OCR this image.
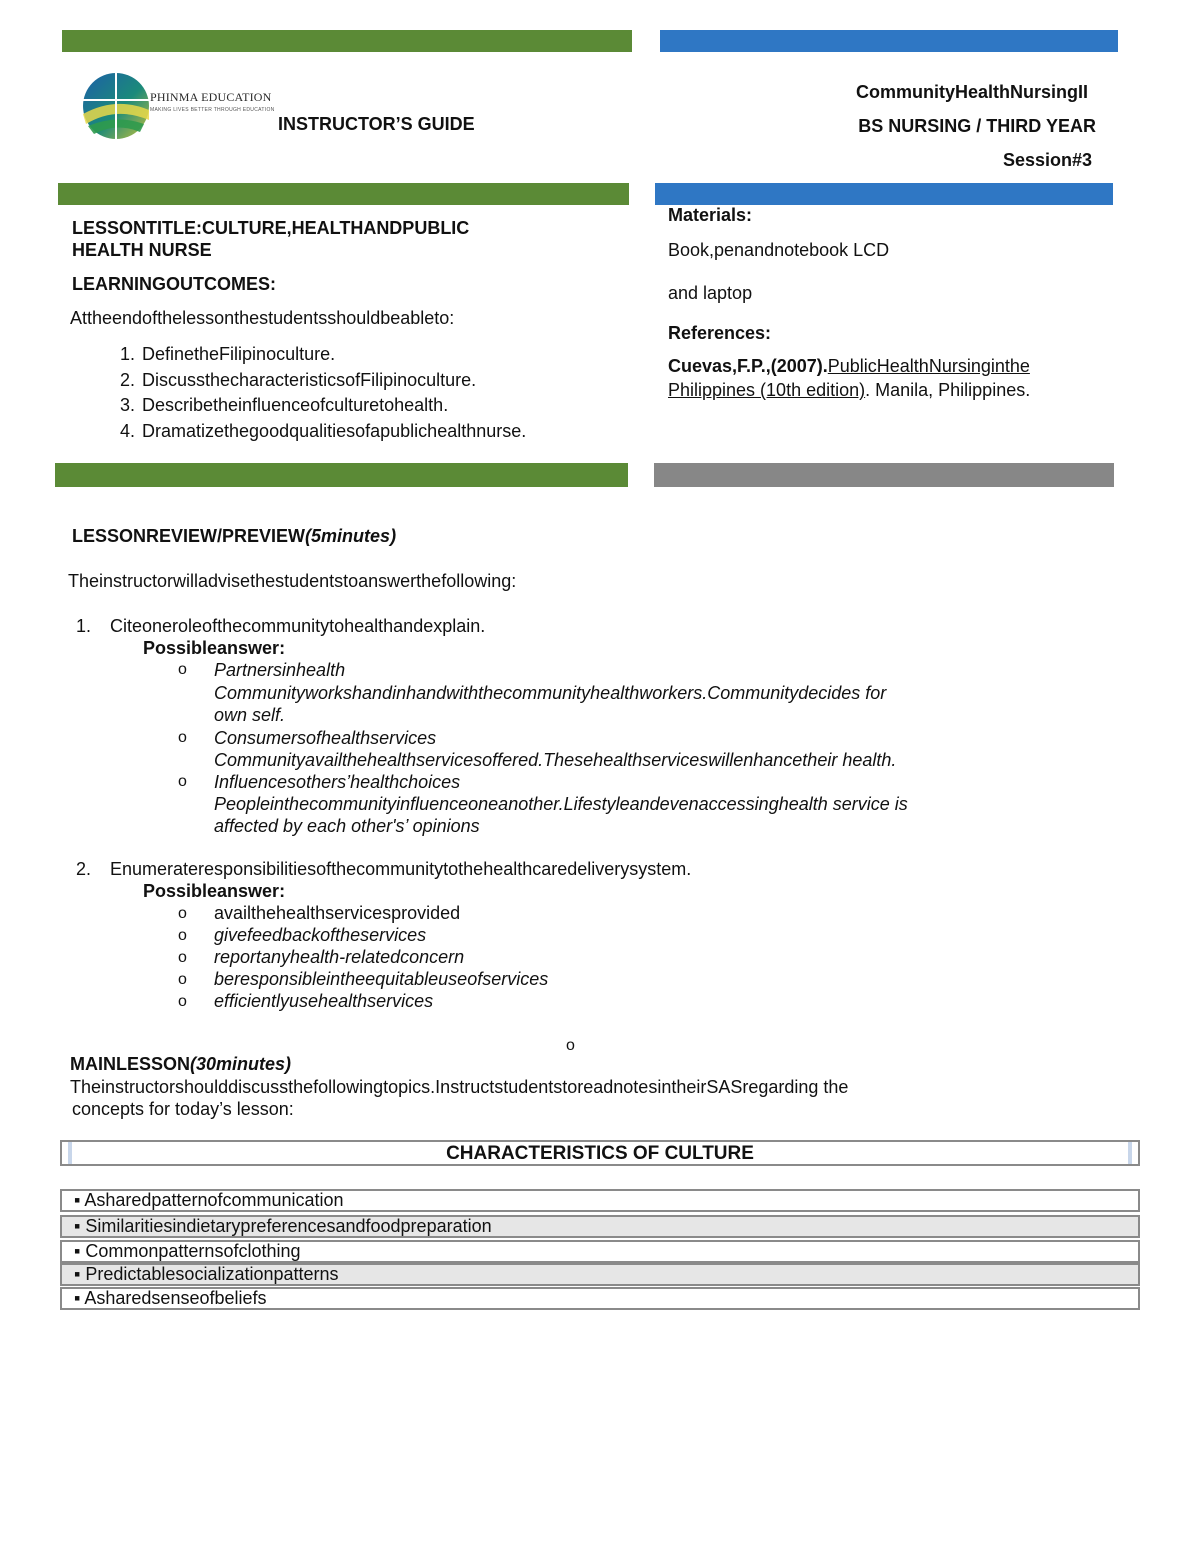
PHINMA EDUCATION
MAKING LIVES BETTER THROUGH EDUCATION
INSTRUCTOR’S GUIDE
CommunityHealthNursingII
BS NURSING / THIRD YEAR
Session#3
LESSONTITLE:CULTURE,HEALTHANDPUBLIC
HEALTH NURSE
LEARNINGOUTCOMES:
Attheendofthelessonthestudentsshouldbeableto:
1. DefinetheFilipinoculture.
2. DiscussthecharacteristicsofFilipinoculture.
3. Describetheinfluenceofculturetohealth.
4. Dramatizethegoodqualitiesofapublichealthnurse.
Materials:
Book,penandnotebook LCD
and laptop
References:
Cuevas,F.P.,(2007).PublicHealthNursinginthe
Philippines (10th edition). Manila, Philippines.
LESSONREVIEW/PREVIEW(5minutes)
Theinstructorwilladvisethestudentstoanswerthefollowing:
1. Citeoneroleofthecommunitytohealthandexplain.
Possibleanswer:
o Partnersinhealth
Communityworkshandinhandwiththecommunityhealthworkers.Communitydecides for
own self.
o Consumersofhealthservices
Communityavailthehealthservicesoffered.Thesehealthserviceswillenhancetheir health.
o Influencesothers’healthchoices
Peopleinthecommunityinfluenceoneanother.Lifestyleandevenaccessinghealth service is
affected by each other's’ opinions
2. Enumerateresponsibilitiesofthecommunitytothehealthcaredeliverysystem.
Possibleanswer:
o availthehealthservicesprovided
o givefeedbackoftheservices
o reportanyhealth-relatedconcern
o beresponsibleintheequitableuseofservices
o efficientlyusehealthservices
o
MAINLESSON(30minutes)
Theinstructorshoulddiscussthefollowingtopics.InstructstudentstoreadnotesintheirSASregarding the
concepts for today’s lesson:
CHARACTERISTICS OF CULTURE
▪ Asharedpatternofcommunication
▪ Similaritiesindietarypreferencesandfoodpreparation
▪ Commonpatternsofclothing
▪ Predictablesocializationpatterns
▪ Asharedsenseofbeliefs
